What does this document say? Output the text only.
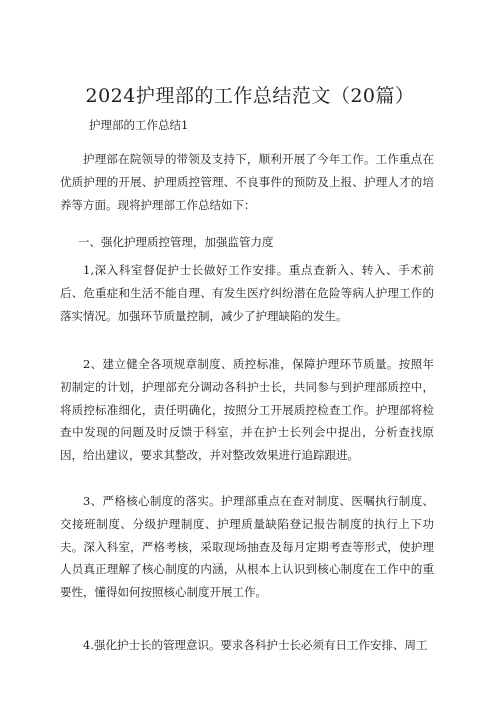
2024护理部的工作总结范文（20篇）
护理部的工作总结1

护理部在院领导的带领及支持下，顺利开展了今年工作。工作重点在优质护理的开展、护理质控管理、不良事件的预防及上报、护理人才的培养等方面。现将护理部工作总结如下：

一、强化护理质控管理，加强监管力度

1,深入科室督促护士长做好工作安排。重点查新入、转入、手术前后、危重症和生活不能自理、有发生医疗纠纷潜在危险等病人护理工作的落实情况。加强环节质量控制，减少了护理缺陷的发生。

2、建立健全各项规章制度、质控标准，保障护理环节质量。按照年初制定的计划，护理部充分调动各科护士长，共同参与到护理部质控中，将质控标准细化，责任明确化，按照分工开展质控检查工作。护理部将检查中发现的问题及时反馈于科室，并在护士长列会中提出，分析查找原因，给出建议，要求其整改，并对整改效果进行追踪跟进。

3、严格核心制度的落实。护理部重点在查对制度、医嘱执行制度、交接班制度、分级护理制度、护理质量缺陷登记报告制度的执行上下功夫。深入科室，严格考核，采取现场抽查及每月定期考查等形式，使护理人员真正理解了核心制度的内涵，从根本上认识到核心制度在工作中的重要性，懂得如何按照核心制度开展工作。

4.强化护士长的管理意识。要求各科护士长必须有日工作安排、周工
